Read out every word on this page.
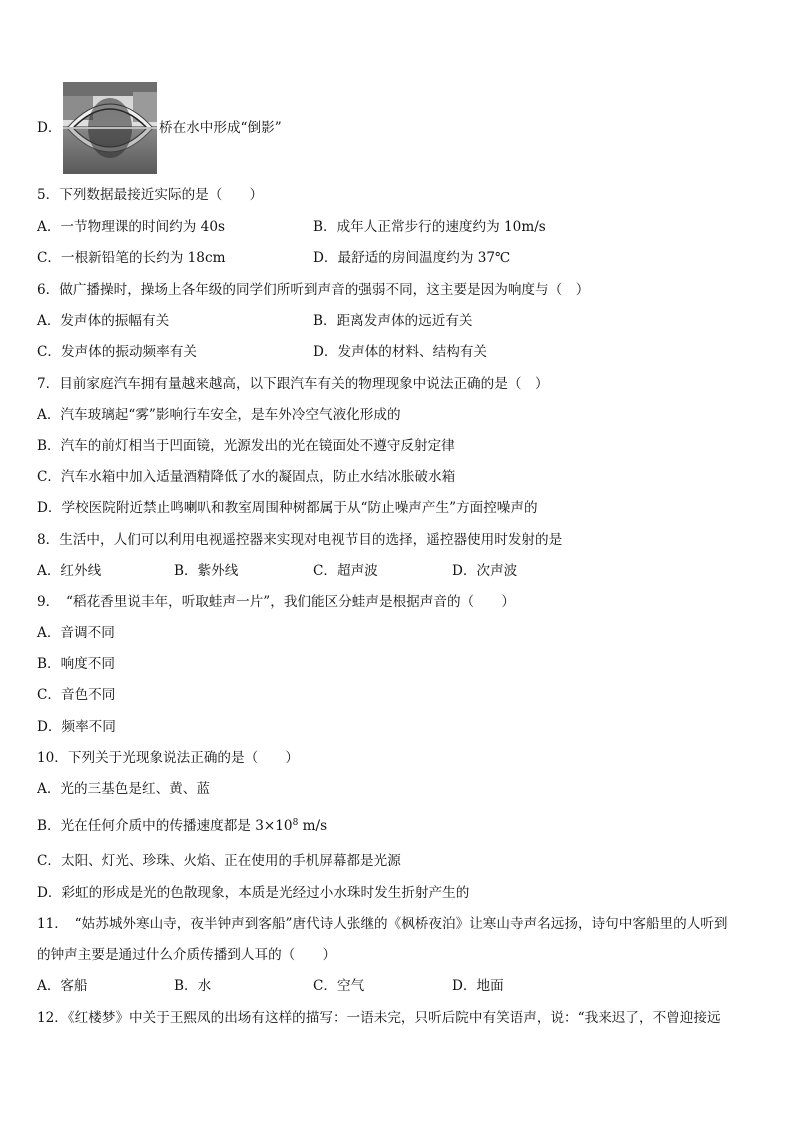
D．	桥在水中形成“倒影”
5．下列数据最接近实际的是（　　）
A．一节物理课的时间约为 40s	B．成年人正常步行的速度约为 10m/s
C．一根新铅笔的长约为 18cm	D．最舒适的房间温度约为 37℃
6．做广播操时，操场上各年级的同学们所听到声音的强弱不同，这主要是因为响度与（　）
A．发声体的振幅有关	B．距离发声体的远近有关
C．发声体的振动频率有关	D．发声体的材料、结构有关
7．目前家庭汽车拥有量越来越高，以下跟汽车有关的物理现象中说法正确的是（　）
A．汽车玻璃起“雾”影响行车安全，是车外冷空气液化形成的
B．汽车的前灯相当于凹面镜，光源发出的光在镜面处不遵守反射定律
C．汽车水箱中加入适量酒精降低了水的凝固点，防止水结冰胀破水箱
D．学校医院附近禁止鸣喇叭和教室周围种树都属于从“防止噪声产生”方面控噪声的
8．生活中，人们可以利用电视遥控器来实现对电视节目的选择，遥控器使用时发射的是
A．红外线	B．紫外线	C．超声波	D．次声波
9．　“稻花香里说丰年，听取蛙声一片”，我们能区分蛙声是根据声音的（　　）
A．音调不同
B．响度不同
C．音色不同
D．频率不同
10．下列关于光现象说法正确的是（　　）
A．光的三基色是红、黄、蓝
B．光在任何介质中的传播速度都是 $3\times 10^8$ m/s
C．太阳、灯光、珍珠、火焰、正在使用的手机屏幕都是光源
D．彩虹的形成是光的色散现象，本质是光经过小水珠时发生折射产生的
11．　“姑苏城外寒山寺，夜半钟声到客船”唐代诗人张继的《枫桥夜泊》让寒山寺声名远扬，诗句中客船里的人听到
的钟声主要是通过什么介质传播到人耳的（　　）
A．客船	B．水	C．空气	D．地面
12．《红楼梦》中关于王熙凤的出场有这样的描写：一语未完，只听后院中有笑语声，说：“我来迟了，不曾迎接远
